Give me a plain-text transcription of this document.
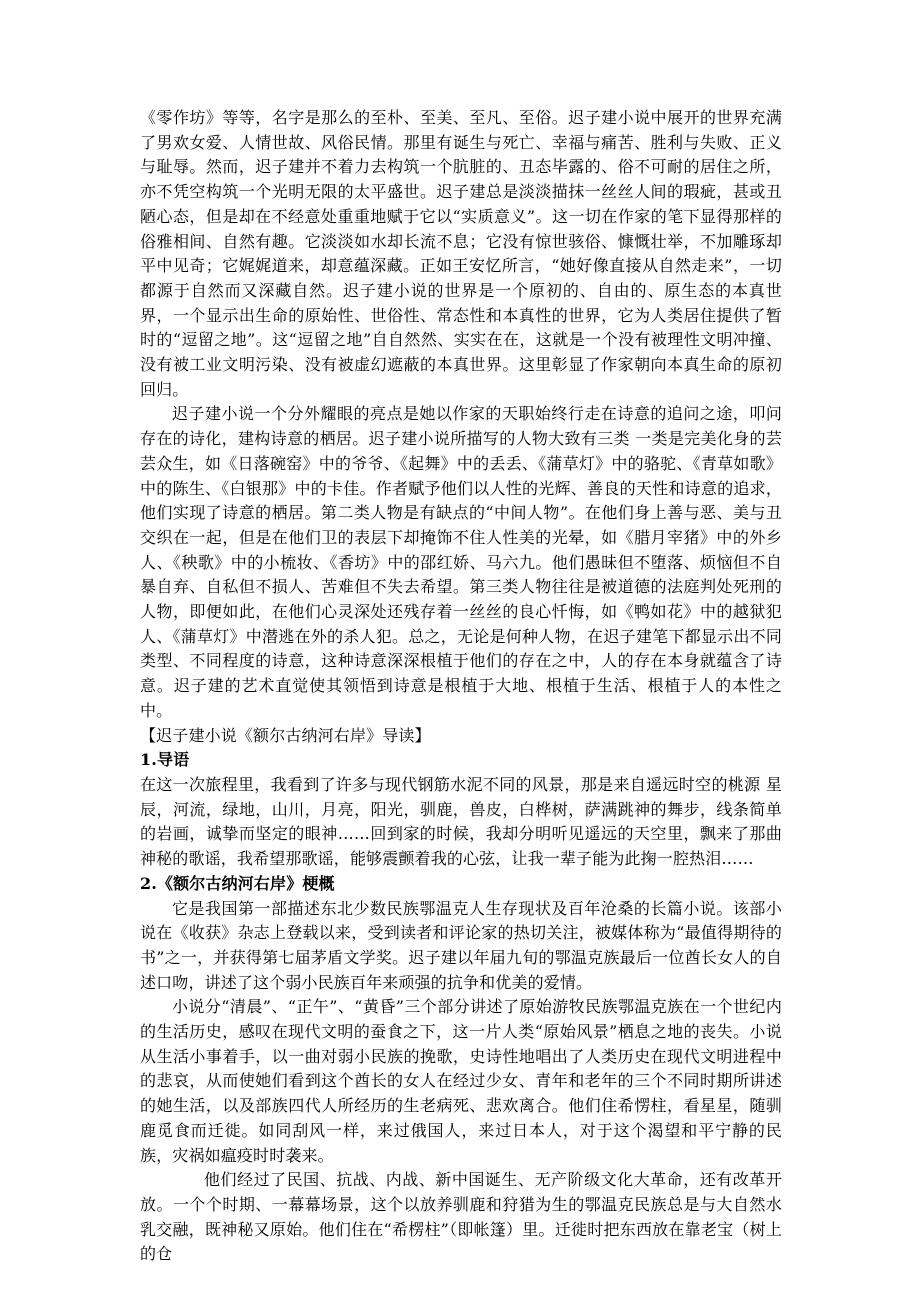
《零作坊》等等，名字是那么的至朴、至美、至凡、至俗。迟子建小说中展开的世界充满了男欢女爱、人情世故、风俗民情。那里有诞生与死亡、幸福与痛苦、胜利与失败、正义与耻辱。然而，迟子建并不着力去构筑一个肮脏的、丑态毕露的、俗不可耐的居住之所，亦不凭空构筑一个光明无限的太平盛世。迟子建总是淡淡描抹一丝丝人间的瑕疵，甚或丑陋心态，但是却在不经意处重重地赋于它以“实质意义”。这一切在作家的笔下显得那样的俗雅相间、自然有趣。它淡淡如水却长流不息；它没有惊世骇俗、慷慨壮举，不加雕琢却平中见奇；它娓娓道来，却意蕴深藏。正如王安忆所言，“她好像直接从自然走来”，一切都源于自然而又深藏自然。迟子建小说的世界是一个原初的、自由的、原生态的本真世界，一个显示出生命的原始性、世俗性、常态性和本真性的世界，它为人类居住提供了暂时的“逗留之地”。这“逗留之地”自自然然、实实在在，这就是一个没有被理性文明冲撞、没有被工业文明污染、没有被虚幻遮蔽的本真世界。这里彰显了作家朝向本真生命的原初回归。

迟子建小说一个分外耀眼的亮点是她以作家的天职始终行走在诗意的追问之途，叩问存在的诗化，建构诗意的栖居。迟子建小说所描写的人物大致有三类 一类是完美化身的芸芸众生，如《日落碗窑》中的爷爷、《起舞》中的丢丢、《蒲草灯》中的骆驼、《青草如歌》中的陈生、《白银那》中的卡佳。作者赋予他们以人性的光辉、善良的天性和诗意的追求，他们实现了诗意的栖居。第二类人物是有缺点的“中间人物”。在他们身上善与恶、美与丑交织在一起，但是在他们卫的表层下却掩饰不住人性美的光晕，如《腊月宰猪》中的外乡人、《秧歌》中的小梳妆、《香坊》中的邵红娇、马六九。他们愚昧但不堕落、烦恼但不自暴自弃、自私但不损人、苦难但不失去希望。第三类人物往往是被道德的法庭判处死刑的人物，即便如此，在他们心灵深处还残存着一丝丝的良心忏悔，如《鸭如花》中的越狱犯人、《蒲草灯》中潜逃在外的杀人犯。总之，无论是何种人物，在迟子建笔下都显示出不同类型、不同程度的诗意，这种诗意深深根植于他们的存在之中，人的存在本身就蕴含了诗意。迟子建的艺术直觉使其领悟到诗意是根植于大地、根植于生活、根植于人的本性之中。

【迟子建小说《额尔古纳河右岸》导读】

1.导语

在这一次旅程里，我看到了许多与现代钢筋水泥不同的风景，那是来自遥远时空的桃源 星辰，河流，绿地，山川，月亮，阳光，驯鹿，兽皮，白桦树，萨满跳神的舞步，线条简单的岩画，诚挚而坚定的眼神……回到家的时候，我却分明听见遥远的天空里，飘来了那曲神秘的歌谣，我希望那歌谣，能够震颤着我的心弦，让我一辈子能为此掬一腔热泪……

2.《额尔古纳河右岸》梗概

它是我国第一部描述东北少数民族鄂温克人生存现状及百年沧桑的长篇小说。该部小说在《收获》杂志上登载以来，受到读者和评论家的热切关注，被媒体称为“最值得期待的书”之一，并获得第七届茅盾文学奖。迟子建以年届九旬的鄂温克族最后一位酋长女人的自述口吻，讲述了这个弱小民族百年来顽强的抗争和优美的爱情。

小说分“清晨”、“正午”、“黄昏”三个部分讲述了原始游牧民族鄂温克族在一个世纪内的生活历史，感叹在现代文明的蚕食之下，这一片人类“原始风景”栖息之地的丧失。小说从生活小事着手，以一曲对弱小民族的挽歌，史诗性地唱出了人类历史在现代文明进程中的悲哀，从而使她们看到这个酋长的女人在经过少女、青年和老年的三个不同时期所讲述的她生活，以及部族四代人所经历的生老病死、悲欢离合。他们住希愣柱，看星星，随驯鹿觅食而迁徙。如同刮风一样，来过俄国人，来过日本人，对于这个渴望和平宁静的民族，灾祸如瘟疫时时袭来。

他们经过了民国、抗战、内战、新中国诞生、无产阶级文化大革命，还有改革开放。一个个时期、一幕幕场景，这个以放养驯鹿和狩猎为生的鄂温克民族总是与大自然水乳交融，既神秘又原始。他们住在“希楞柱”（即帐篷）里。迁徙时把东西放在靠老宝（树上的仓
